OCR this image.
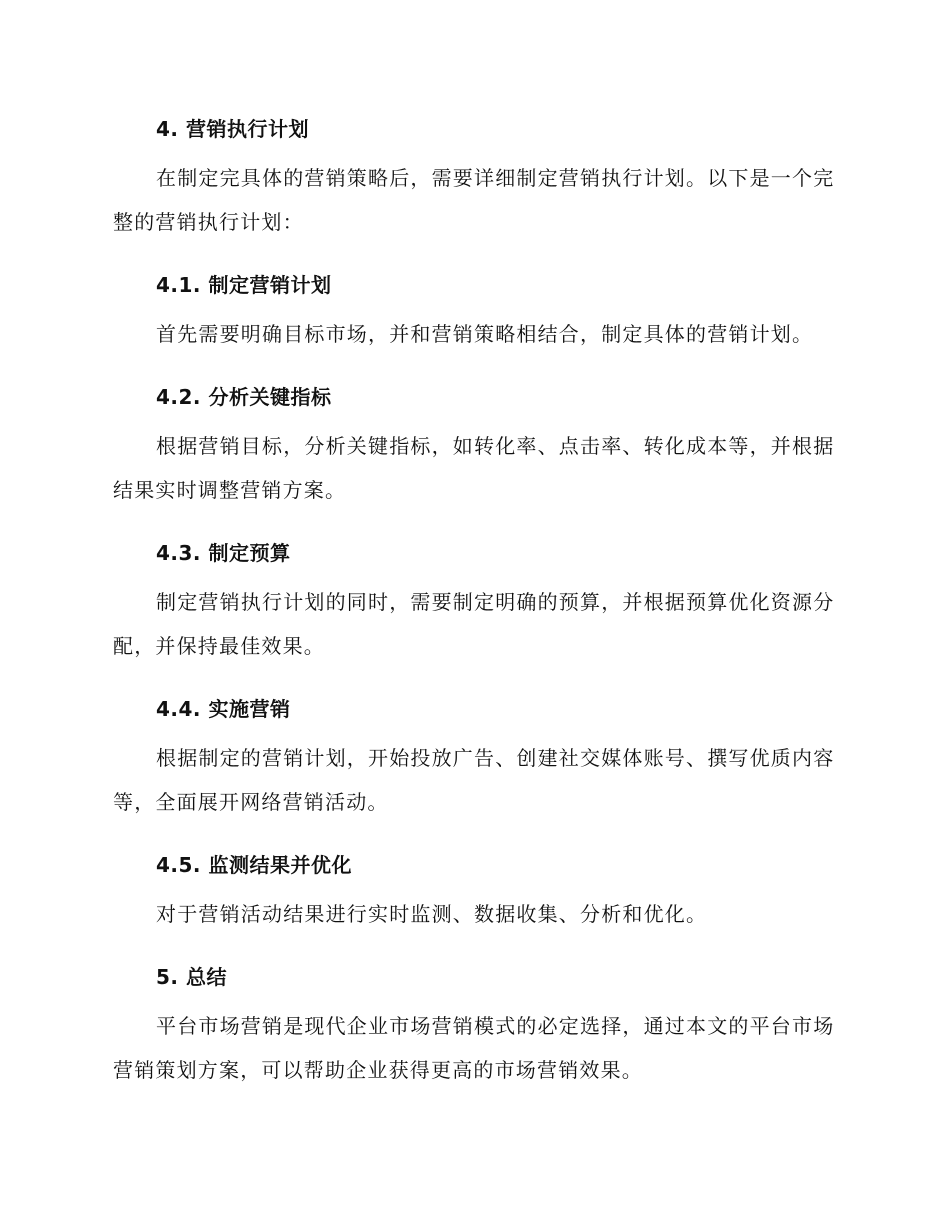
4. 营销执行计划

在制定完具体的营销策略后，需要详细制定营销执行计划。以下是一个完整的营销执行计划：

4.1. 制定营销计划

首先需要明确目标市场，并和营销策略相结合，制定具体的营销计划。

4.2. 分析关键指标

根据营销目标，分析关键指标，如转化率、点击率、转化成本等，并根据结果实时调整营销方案。

4.3. 制定预算

制定营销执行计划的同时，需要制定明确的预算，并根据预算优化资源分配，并保持最佳效果。

4.4. 实施营销

根据制定的营销计划，开始投放广告、创建社交媒体账号、撰写优质内容等，全面展开网络营销活动。

4.5. 监测结果并优化

对于营销活动结果进行实时监测、数据收集、分析和优化。

5. 总结

平台市场营销是现代企业市场营销模式的必定选择，通过本文的平台市场营销策划方案，可以帮助企业获得更高的市场营销效果。
